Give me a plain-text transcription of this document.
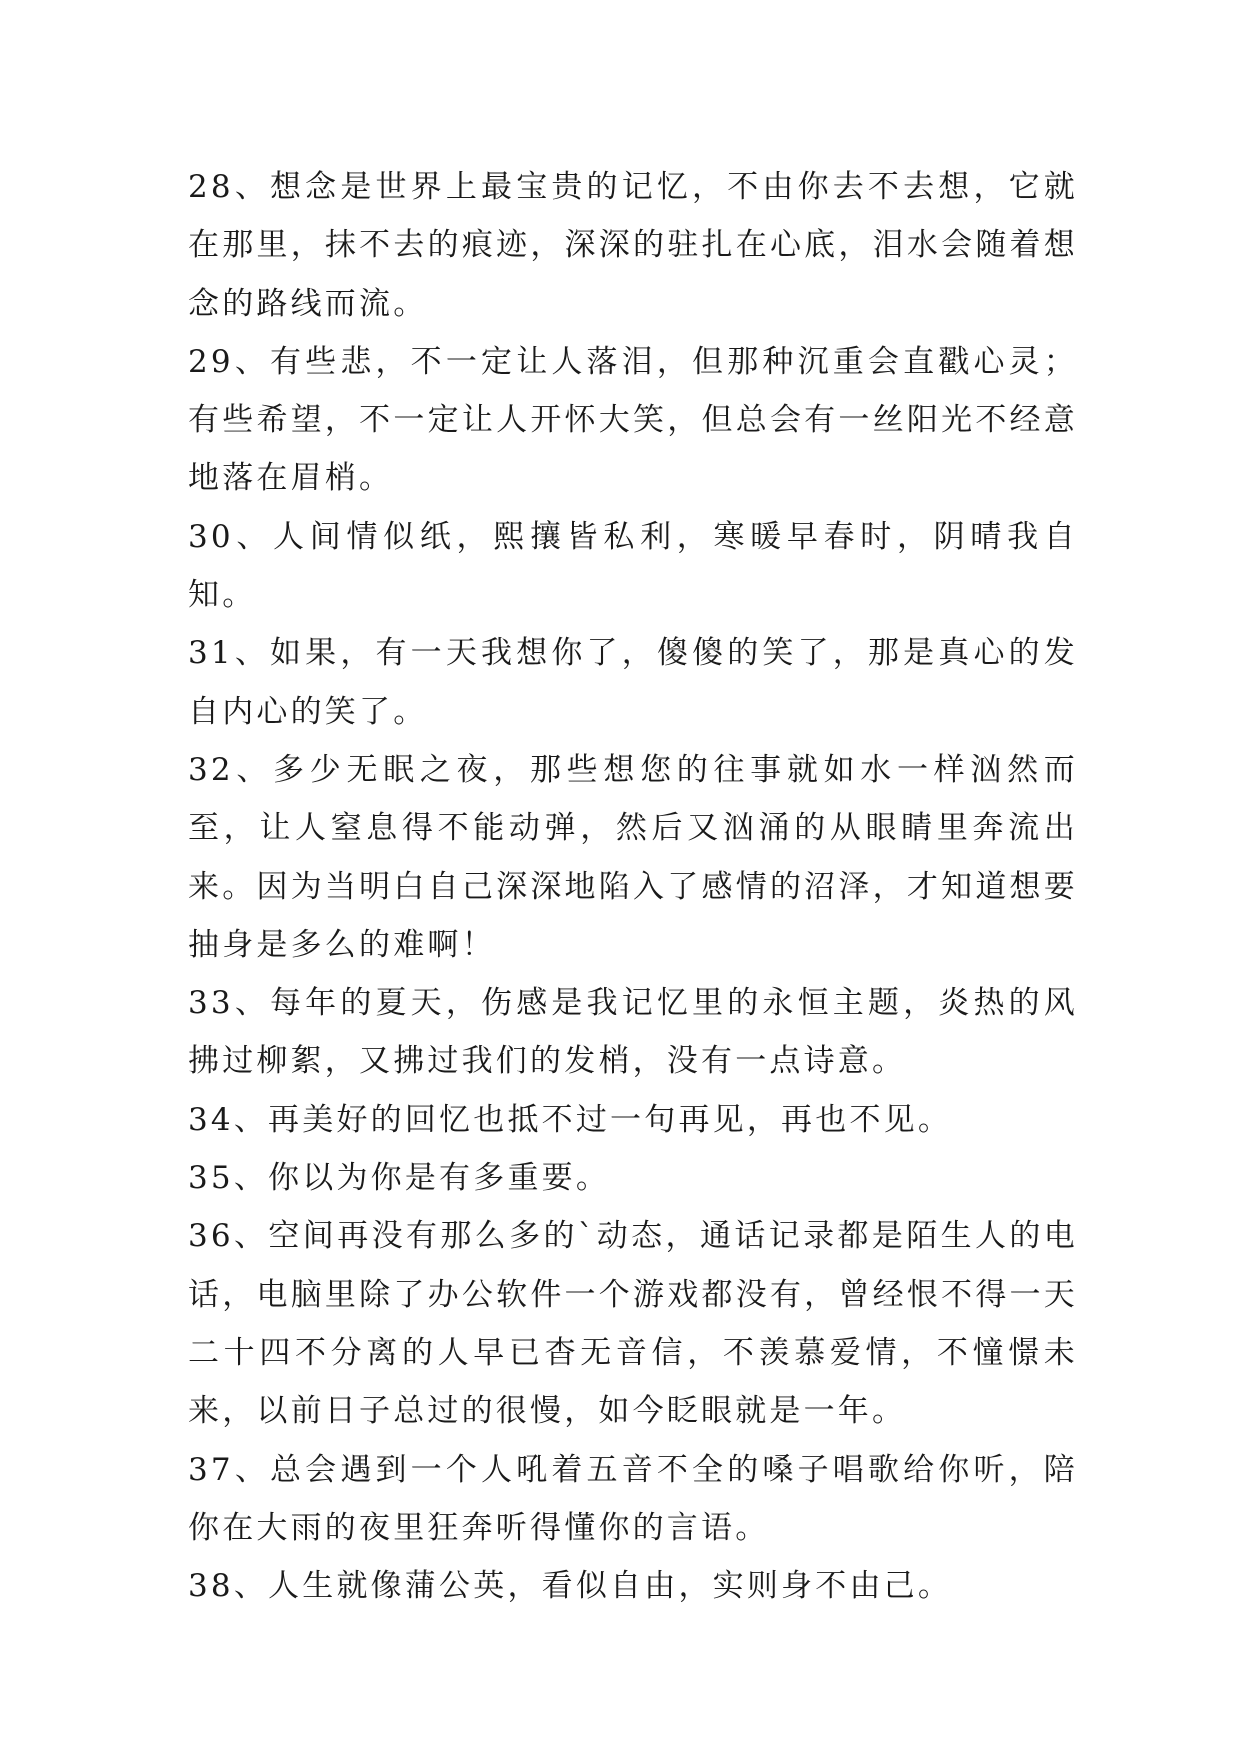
28、想念是世界上最宝贵的记忆，不由你去不去想，它就在那里，抹不去的痕迹，深深的驻扎在心底，泪水会随着想念的路线而流。

29、有些悲，不一定让人落泪，但那种沉重会直戳心灵；有些希望，不一定让人开怀大笑，但总会有一丝阳光不经意地落在眉梢。

30、人间情似纸，熙攘皆私利，寒暖早春时，阴晴我自知。

31、如果，有一天我想你了，傻傻的笑了，那是真心的发自内心的笑了。

32、多少无眠之夜，那些想您的往事就如水一样汹然而至，让人窒息得不能动弹，然后又汹涌的从眼睛里奔流出来。因为当明白自己深深地陷入了感情的沼泽，才知道想要抽身是多么的难啊！

33、每年的夏天，伤感是我记忆里的永恒主题，炎热的风拂过柳絮，又拂过我们的发梢，没有一点诗意。

34、再美好的回忆也抵不过一句再见，再也不见。

35、你以为你是有多重要。

36、空间再没有那么多的`动态，通话记录都是陌生人的电话，电脑里除了办公软件一个游戏都没有，曾经恨不得一天二十四不分离的人早已杳无音信，不羡慕爱情，不憧憬未来，以前日子总过的很慢，如今眨眼就是一年。

37、总会遇到一个人吼着五音不全的嗓子唱歌给你听，陪你在大雨的夜里狂奔听得懂你的言语。

38、人生就像蒲公英，看似自由，实则身不由己。
